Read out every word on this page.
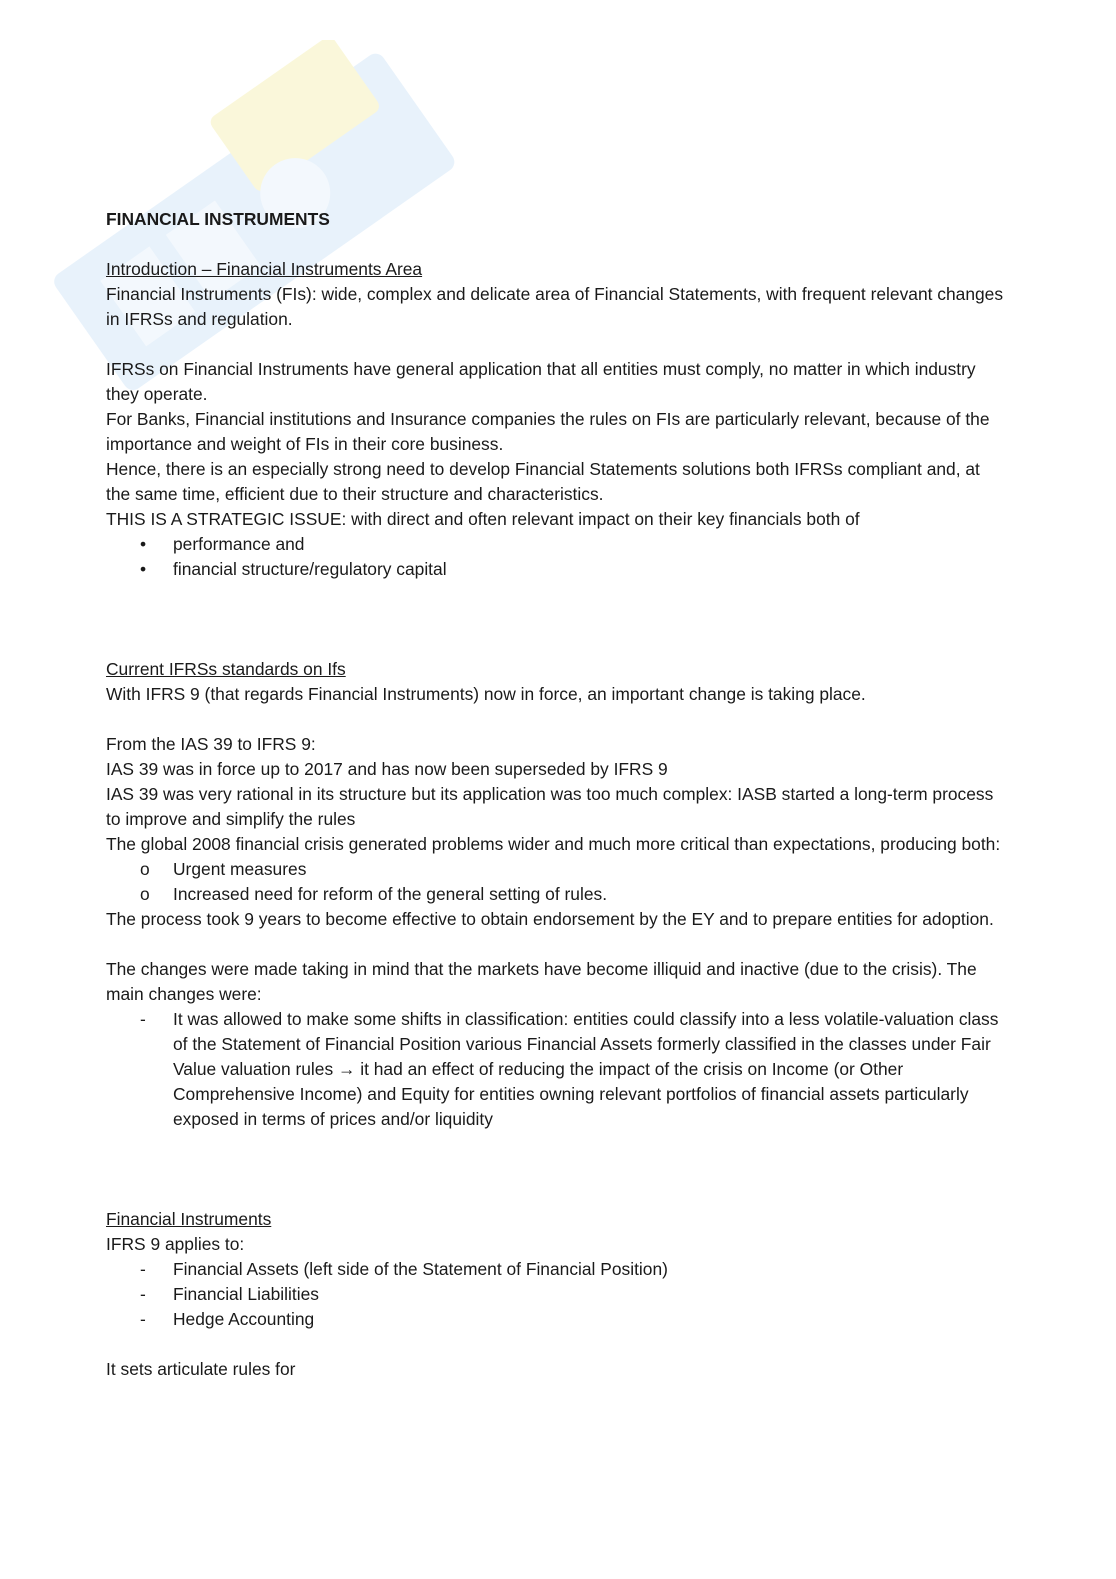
FINANCIAL INSTRUMENTS

Introduction – Financial Instruments Area

Financial Instruments (FIs): wide, complex and delicate area of Financial Statements, with frequent relevant changes in IFRSs and regulation.

IFRSs on Financial Instruments have general application that all entities must comply, no matter in which industry they operate.

For Banks, Financial institutions and Insurance companies the rules on FIs are particularly relevant, because of the importance and weight of FIs in their core business.

Hence, there is an especially strong need to develop Financial Statements solutions both IFRSs compliant and, at the same time, efficient due to their structure and characteristics.

THIS IS A STRATEGIC ISSUE: with direct and often relevant impact on their key financials both of

•	performance and
•	financial structure/regulatory capital

Current IFRSs standards on Ifs

With IFRS 9 (that regards Financial Instruments) now in force, an important change is taking place.

From the IAS 39 to IFRS 9:

IAS 39 was in force up to 2017 and has now been superseded by IFRS 9

IAS 39 was very rational in its structure but its application was too much complex: IASB started a long-term process to improve and simplify the rules

The global 2008 financial crisis generated problems wider and much more critical than expectations, producing both:

o	Urgent measures
o	Increased need for reform of the general setting of rules.

The process took 9 years to become effective to obtain endorsement by the EY and to prepare entities for adoption.

The changes were made taking in mind that the markets have become illiquid and inactive (due to the crisis). The main changes were:

-	It was allowed to make some shifts in classification: entities could classify into a less volatile-valuation class of the Statement of Financial Position various Financial Assets formerly classified in the classes under Fair Value valuation rules → it had an effect of reducing the impact of the crisis on Income (or Other Comprehensive Income) and Equity for entities owning relevant portfolios of financial assets particularly exposed in terms of prices and/or liquidity

Financial Instruments

IFRS 9 applies to:

-	Financial Assets (left side of the Statement of Financial Position)
-	Financial Liabilities
-	Hedge Accounting

It sets articulate rules for
